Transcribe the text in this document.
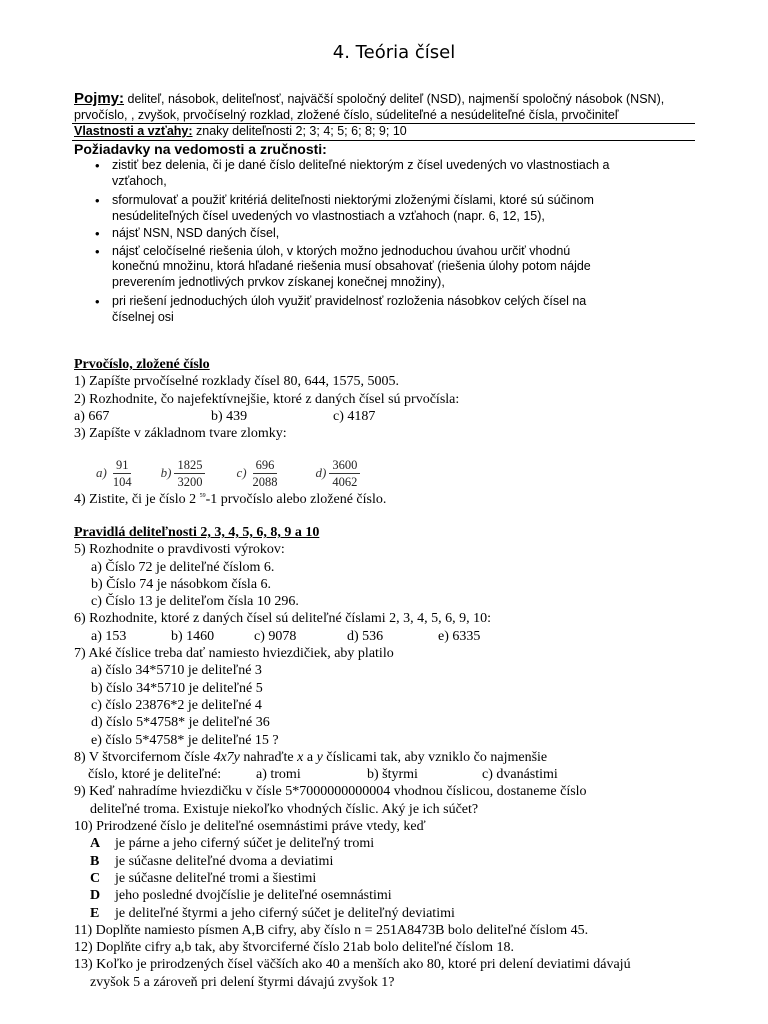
4. Teória čísel
Pojmy: deliteľ, násobok, deliteľnosť, najväčší spoločný deliteľ (NSD), najmenší spoločný násobok (NSN),
prvočíslo, , zvyšok, prvočíselný rozklad, zložené číslo, súdeliteľné a nesúdeliteľné čísla, prvočiniteľ
Vlastnosti a vzťahy: znaky deliteľnosti 2; 3; 4; 5; 6; 8; 9; 10
Požiadavky na vedomosti a zručnosti:
• zistiť bez delenia, či je dané číslo deliteľné niektorým z čísel uvedených vo vlastnostiach a
vzťahoch,
• sformulovať a použiť kritériá deliteľnosti niektorými zloženými číslami, ktoré sú súčinom
nesúdeliteľných čísel uvedených vo vlastnostiach a vzťahoch (napr. 6, 12, 15),
• nájsť NSN, NSD daných čísel,
• nájsť celočíselné riešenia úloh, v ktorých možno jednoduchou úvahou určiť vhodnú
konečnú množinu, ktorá hľadané riešenia musí obsahovať (riešenia úlohy potom nájde
preverením jednotlivých prvkov získanej konečnej množiny),
• pri riešení jednoduchých úloh využiť pravidelnosť rozloženia násobkov celých čísel na
číselnej osi
Prvočíslo, zložené číslo
1) Zapíšte prvočíselné rozklady čísel 80, 644, 1575, 5005.
2) Rozhodnite, čo najefektívnejšie, ktoré z daných čísel sú prvočísla:
a) 667	b) 439	c) 4187
3) Zapíšte v základnom tvare zlomky:
$a) \frac{91}{104} b) \frac{1825}{3200} c) \frac{696}{2088}$	$d) \frac{3600}{4062}$
4) Zistite, či je číslo 2 $^{59}$-1 prvočíslo alebo zložené číslo.
Pravidlá deliteľnosti 2, 3, 4, 5, 6, 8, 9 a 10
5) Rozhodnite o pravdivosti výrokov:
a) Číslo 72 je deliteľné číslom 6.
b) Číslo 74 je násobkom čísla 6.
c) Číslo 13 je deliteľom čísla 10 296.
6) Rozhodnite, ktoré z daných čísel sú deliteľné číslami 2, 3, 4, 5, 6, 9, 10:
a) 153	b) 1460	c) 9078	d) 536	e) 6335
7) Aké číslice treba dať namiesto hviezdičiek, aby platilo
a) číslo 34*5710 je deliteľné 3
b) číslo 34*5710 je deliteľné 5
c) číslo 23876*2 je deliteľné 4
d) číslo 5*4758* je deliteľné 36
e) číslo 5*4758* je deliteľné 15 ?
8) V štvorciferno​m čísle 4x7y nahraďte x a y číslicami tak, aby vzniklo čo najmenšie
číslo, ktoré je deliteľné:	a) tromi	b) štyrmi	c) dvanástimi
9) Keď nahradíme hviezdičku v čísle 5*7000000000004 vhodnou číslicou, dostaneme číslo
deliteľné troma. Existuje niekoľko vhodných číslic. Aký je ich súčet?
10) Prirodzené číslo je deliteľné osemnástimi práve vtedy, keď
A je párne a jeho ciferný súčet je deliteľný tromi
B je súčasne deliteľné dvoma a deviatimi
C je súčasne deliteľné tromi a šiestimi
D jeho posledné dvojčíslie je deliteľné osemnástimi
E je deliteľné štyrmi a jeho ciferný súčet je deliteľný deviatimi
11) Doplňte namiesto písmen A,B cifry, aby číslo n = 251A8473B bolo deliteľné číslom 45.
12) Doplňte cifry a,b tak, aby štvorciferné číslo 21ab bolo deliteľné číslom 18.
13) Koľko je prirodzených čísel väčších ako 40 a menších ako 80, ktoré pri delení deviatimi dávajú
zvyšok 5 a zároveň pri delení štyrmi dávajú zvyšok 1?
